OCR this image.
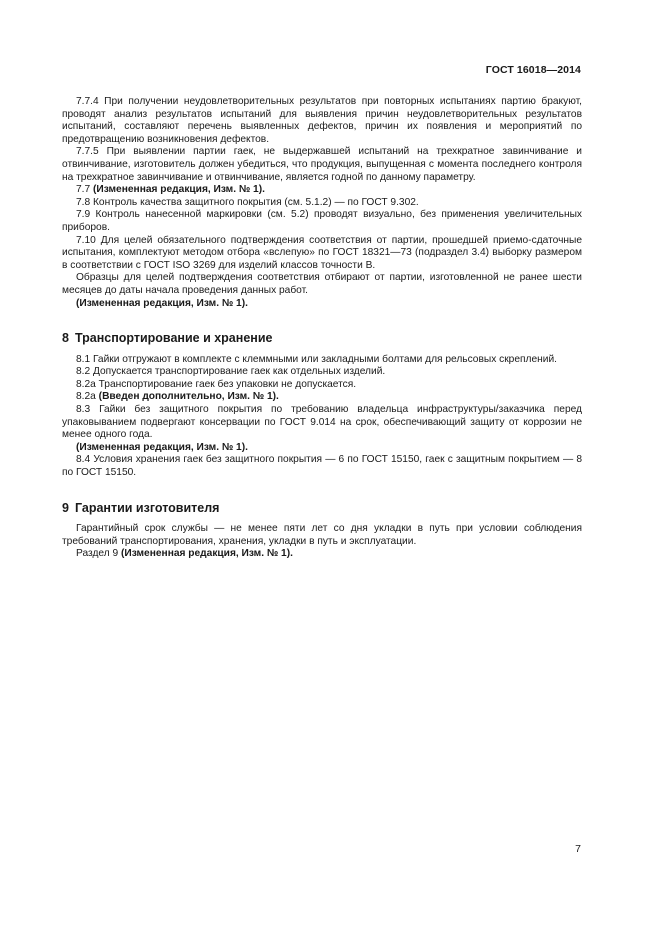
ГОСТ 16018—2014

7.7.4 При получении неудовлетворительных результатов при повторных испытаниях партию бракуют, проводят анализ результатов испытаний для выявления причин неудовлетворительных результатов испытаний, составляют перечень выявленных дефектов, причин их появления и мероприятий по предотвращению возникновения дефектов.

7.7.5 При выявлении партии гаек, не выдержавшей испытаний на трехкратное завинчивание и отвинчивание, изготовитель должен убедиться, что продукция, выпущенная с момента последнего контроля на трехкратное завинчивание и отвинчивание, является годной по данному параметру.

7.7 (Измененная редакция, Изм. № 1).

7.8 Контроль качества защитного покрытия (см. 5.1.2) — по ГОСТ 9.302.

7.9 Контроль нанесенной маркировки (см. 5.2) проводят визуально, без применения увеличительных приборов.

7.10 Для целей обязательного подтверждения соответствия от партии, прошедшей приемо-сдаточные испытания, комплектуют методом отбора «вслепую» по ГОСТ 18321—73 (подраздел 3.4) выборку размером в соответствии с ГОСТ ISO 3269 для изделий классов точности В.

Образцы для целей подтверждения соответствия отбирают от партии, изготовленной не ранее шести месяцев до даты начала проведения данных работ.

(Измененная редакция, Изм. № 1).

8 Транспортирование и хранение

8.1 Гайки отгружают в комплекте с клеммными или закладными болтами для рельсовых скреплений.

8.2 Допускается транспортирование гаек как отдельных изделий.

8.2а Транспортирование гаек без упаковки не допускается.

8.2а (Введен дополнительно, Изм. № 1).

8.3 Гайки без защитного покрытия по требованию владельца инфраструктуры/заказчика перед упаковыванием подвергают консервации по ГОСТ 9.014 на срок, обеспечивающий защиту от коррозии не менее одного года.

(Измененная редакция, Изм. № 1).

8.4 Условия хранения гаек без защитного покрытия — 6 по ГОСТ 15150, гаек с защитным покрытием — 8 по ГОСТ 15150.

9 Гарантии изготовителя

Гарантийный срок службы — не менее пяти лет со дня укладки в путь при условии соблюдения требований транспортирования, хранения, укладки в путь и эксплуатации.

Раздел 9 (Измененная редакция, Изм. № 1).

7
